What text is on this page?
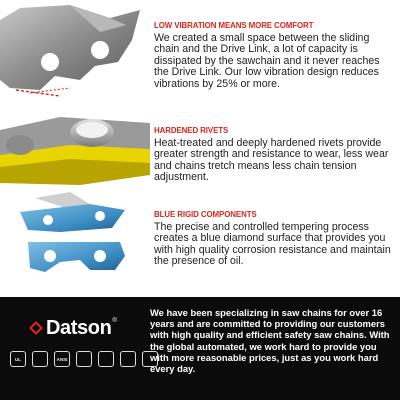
LOW VIBRATION MEANS MORE COMFORT
We created a small space between the sliding chain and the Drive Link, a lot of capacity is dissipated by the sawchain and it never reaches the Drive Link. Our low vibration design reduces vibrations by 25% or more.
HARDENED RIVETS
Heat-treated and deeply hardened rivets provide greater strength and resistance to wear, less wear and chains tretch means less chain tension adjustment.
BLUE RIGID COMPONENTS
The precise and controlled tempering process creates a blue diamond surface that provides you with high quality corrosion resistance and maintain the presence of oil.
Datson ®
UL	ANSI
We have been specializing in saw chains for over 16 years and are committed to providing our customers with high quality and efficient safety saw chains. With the global automated, we work hard to provide you with more reasonable prices, just as you work hard every day.
